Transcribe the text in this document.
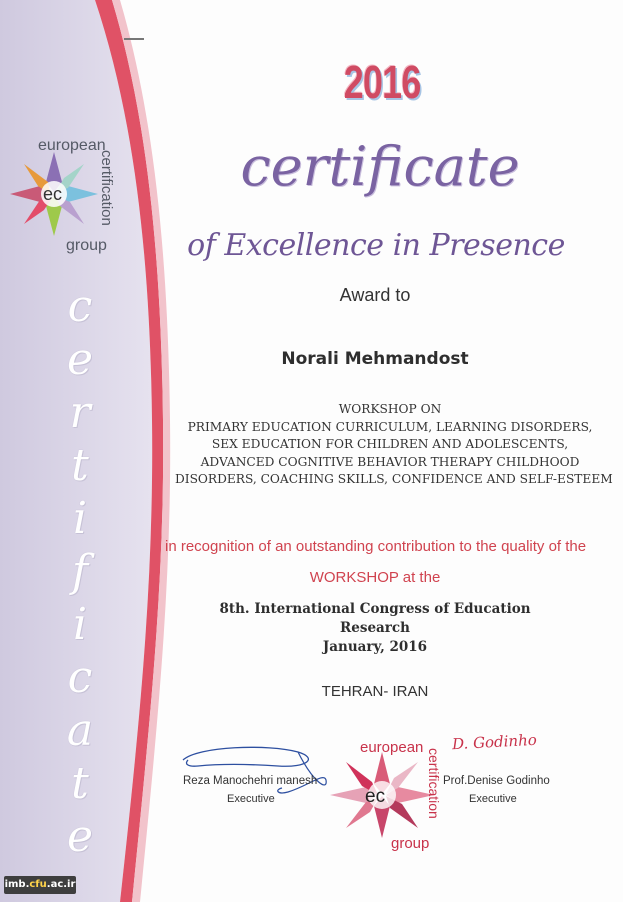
ec
european
certification
group
c
e
r
t
i
f
i
c
a
t
e
2016
certificate
of Excellence in Presence
Award to
Norali Mehmandost
WORKSHOP ON
PRIMARY EDUCATION CURRICULUM, LEARNING DISORDERS,
SEX EDUCATION FOR CHILDREN AND ADOLESCENTS,
ADVANCED COGNITIVE BEHAVIOR THERAPY CHILDHOOD
DISORDERS, COACHING SKILLS, CONFIDENCE AND SELF-ESTEEM
in recognition of an outstanding contribution to the quality of the
WORKSHOP at the
8th. International Congress of Education Research
January, 2016
TEHRAN- IRAN
Reza Manochehri manesh
Executive
D. Godinho
Prof.Denise Godinho
Executive
ec
european
certification
group
imb.cfu.ac.ir
